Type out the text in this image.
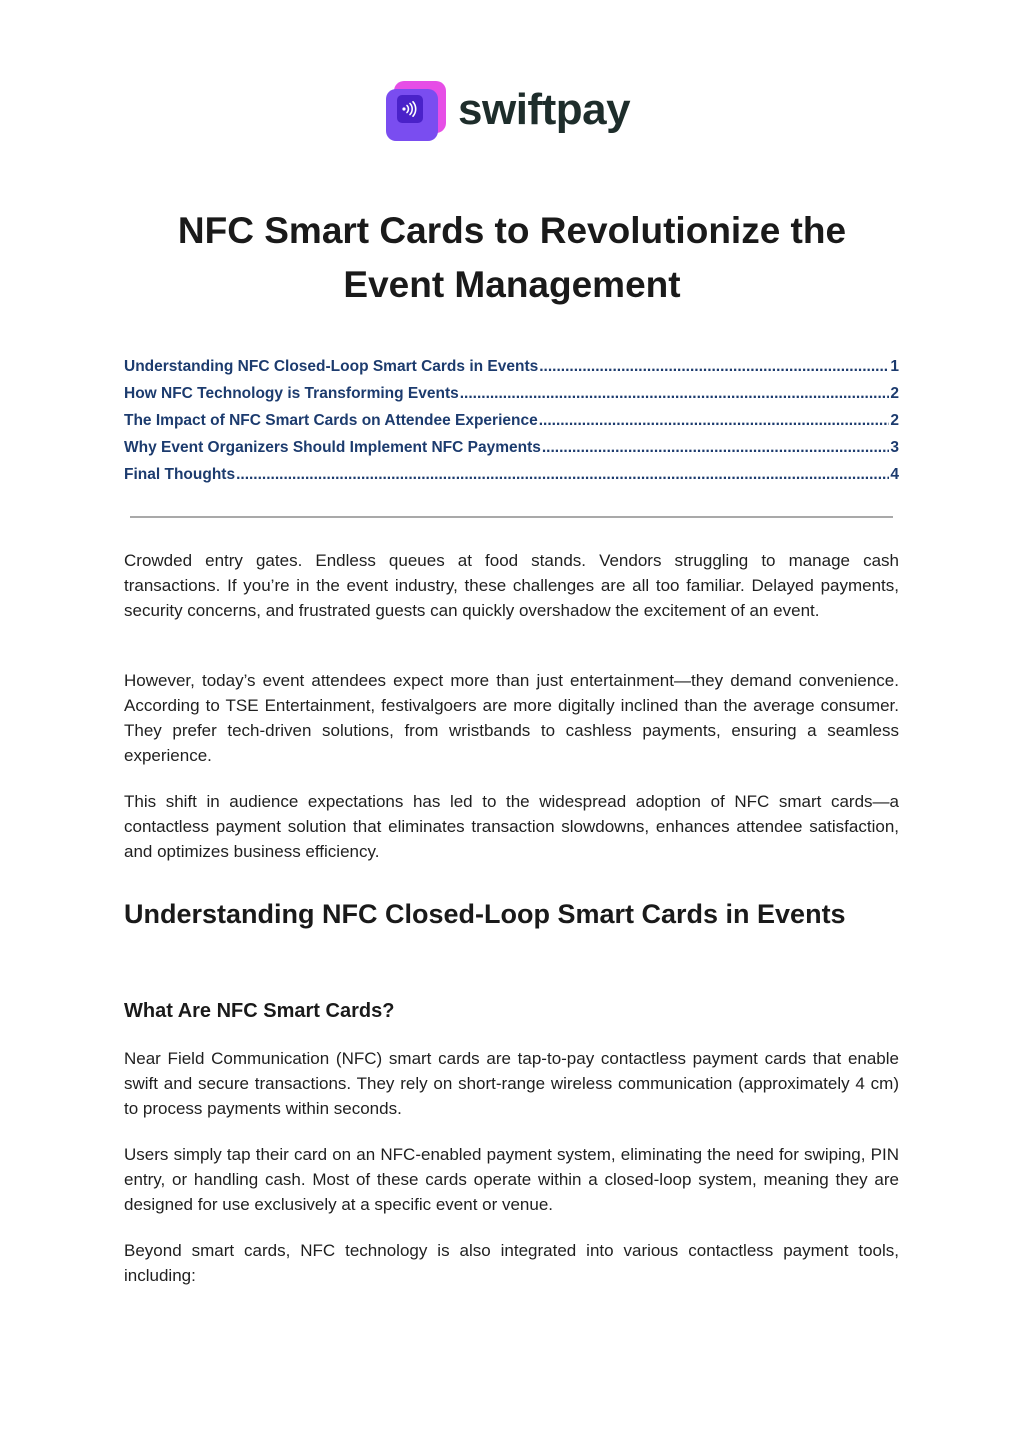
swiftpay
NFC Smart Cards to Revolutionize the Event Management
Understanding NFC Closed-Loop Smart Cards in Events .....	1
How NFC Technology is Transforming Events .....	2
The Impact of NFC Smart Cards on Attendee Experience .....	2
Why Event Organizers Should Implement NFC Payments .....	3
Final Thoughts .....	4

Crowded entry gates. Endless queues at food stands. Vendors struggling to manage cash transactions. If you’re in the event industry, these challenges are all too familiar. Delayed payments, security concerns, and frustrated guests can quickly overshadow the excitement of an event.

However, today’s event attendees expect more than just entertainment—they demand convenience. According to TSE Entertainment, festivalgoers are more digitally inclined than the average consumer. They prefer tech-driven solutions, from wristbands to cashless payments, ensuring a seamless experience.

This shift in audience expectations has led to the widespread adoption of NFC smart cards—a contactless payment solution that eliminates transaction slowdowns, enhances attendee satisfaction, and optimizes business efficiency.

Understanding NFC Closed-Loop Smart Cards in Events
What Are NFC Smart Cards?

Near Field Communication (NFC) smart cards are tap-to-pay contactless payment cards that enable swift and secure transactions. They rely on short-range wireless communication (approximately 4 cm) to process payments within seconds.

Users simply tap their card on an NFC-enabled payment system, eliminating the need for swiping, PIN entry, or handling cash. Most of these cards operate within a closed-loop system, meaning they are designed for use exclusively at a specific event or venue.

Beyond smart cards, NFC technology is also integrated into various contactless payment tools, including:
